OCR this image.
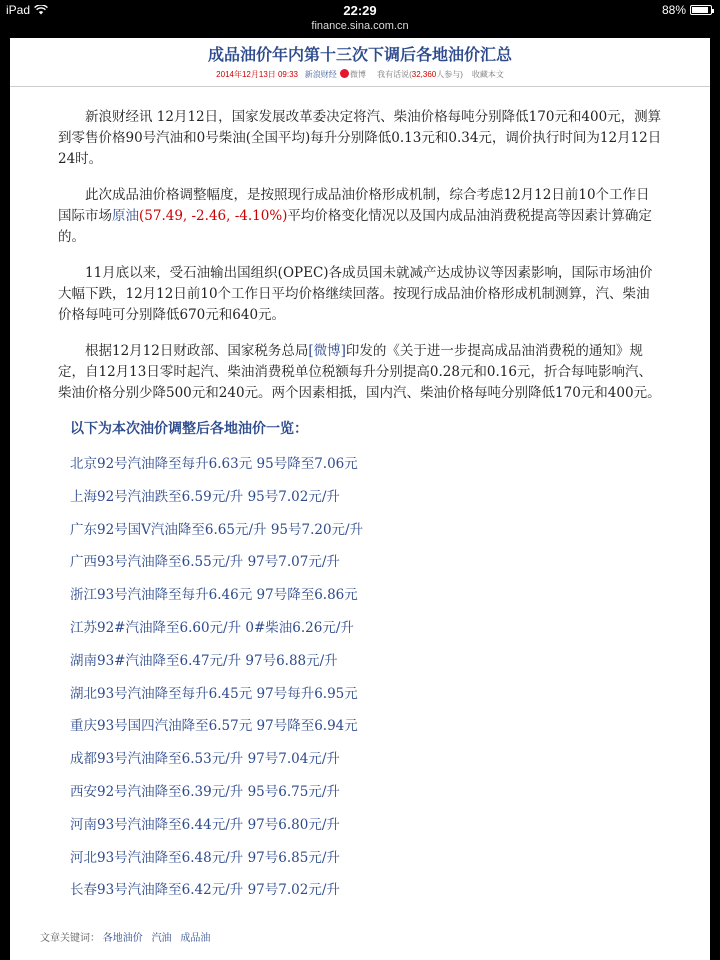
iPad	22:29
finance.sina.com.cn
88%
成品油价年内第十三次下调后各地油价汇总
2014年12月13日 09:33 新浪财经 微博 我有话说(32,360人参与) 收藏本文

新浪财经讯 12月12日，国家发展改革委决定将汽、柴油价格每吨分别降低170元和400元，测算到零售价格90号汽油和0号柴油(全国平均)每升分别降低0.13元和0.34元，调价执行时间为12月12日24时。

此次成品油价格调整幅度，是按照现行成品油价格形成机制，综合考虑12月12日前10个工作日国际市场原油(57.49, -2.46, -4.10%)平均价格变化情况以及国内成品油消费税提高等因素计算确定的。

11月底以来，受石油输出国组织(OPEC)各成员国未就减产达成协议等因素影响，国际市场油价大幅下跌，12月12日前10个工作日平均价格继续回落。按现行成品油价格形成机制测算，汽、柴油价格每吨可分别降低670元和640元。

根据12月12日财政部、国家税务总局[微博]印发的《关于进一步提高成品油消费税的通知》规定，自12月13日零时起汽、柴油消费税单位税额每升分别提高0.28元和0.16元，折合每吨影响汽、柴油价格分别少降500元和240元。两个因素相抵，国内汽、柴油价格每吨分别降低170元和400元。

以下为本次油价调整后各地油价一览：
北京92号汽油降至每升6.63元 95号降至7.06元
上海92号汽油跌至6.59元/升 95号7.02元/升
广东92号国V汽油降至6.65元/升 95号7.20元/升
广西93号汽油降至6.55元/升 97号7.07元/升
浙江93号汽油降至每升6.46元 97号降至6.86元
江苏92#汽油降至6.60元/升 0#柴油6.26元/升
湖南93#汽油降至6.47元/升 97号6.88元/升
湖北93号汽油降至每升6.45元 97号每升6.95元
重庆93号国四汽油降至6.57元 97号降至6.94元
成都93号汽油降至6.53元/升 97号7.04元/升
西安92号汽油降至6.39元/升 95号6.75元/升
河南93号汽油降至6.44元/升 97号6.80元/升
河北93号汽油降至6.48元/升 97号6.85元/升
长春93号汽油降至6.42元/升 97号7.02元/升
文章关键词： 各地油价 汽油 成品油
